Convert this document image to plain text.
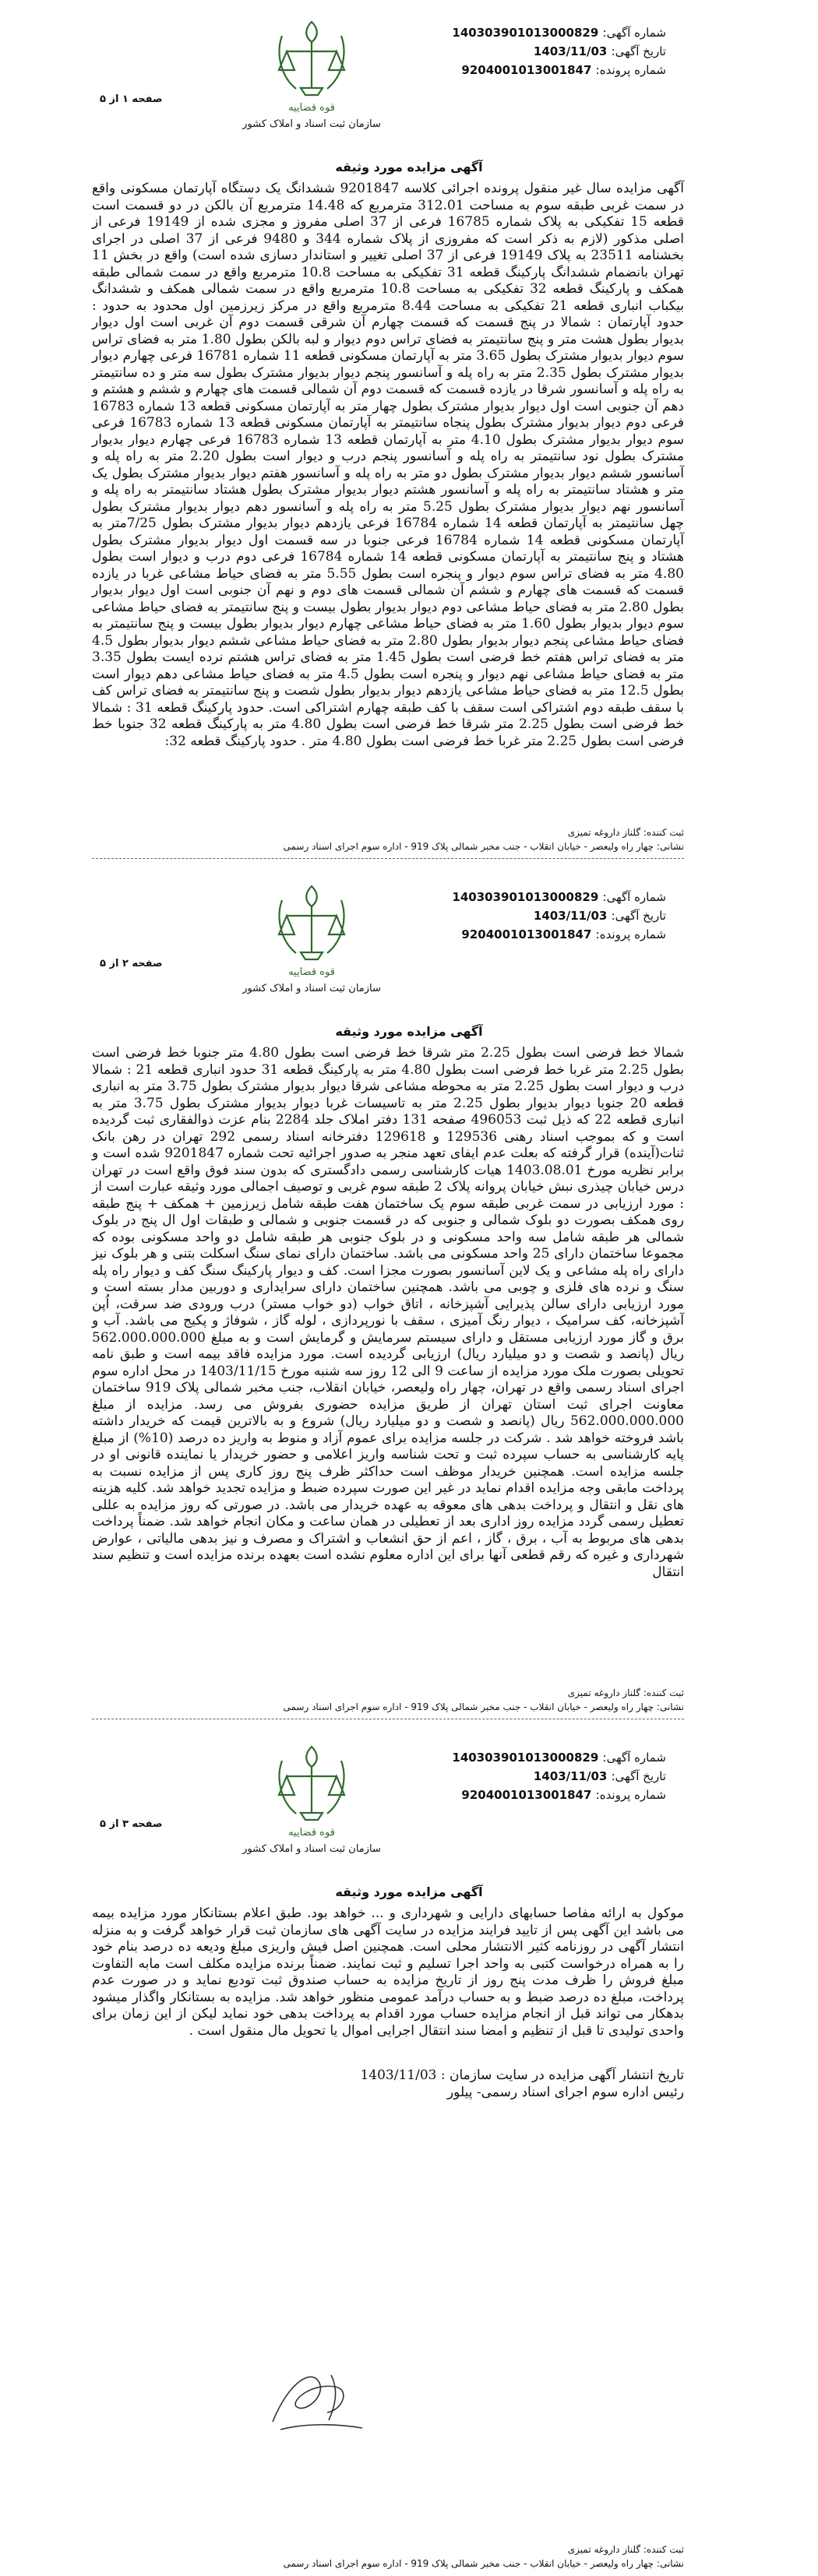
قوه قضاییه
سازمان ثبت اسناد و املاک کشور
شماره آگهی: 140303901013000829
تاریخ آگهی: 1403/11/03
شماره پرونده: 9204001013001847
صفحه ۱ از ۵
آگهی مزایده مورد وثیقه
آگهی مزایده سال غیر منقول پرونده اجرائی کلاسه 9201847 ششدانگ یک دستگاه آپارتمان مسکونی واقع در سمت غربی طبقه سوم به مساحت 312.01 مترمربع که 14.48 مترمربع آن بالکن در دو قسمت است قطعه 15 تفکیکی به پلاک شماره 16785 فرعی از 37 اصلی مفروز و مجزی شده از 19149 فرعی از اصلی مذکور (لازم به ذکر است که مفروزی از پلاک شماره 344 و 9480 فرعی از 37 اصلی در اجرای بخشنامه 23511 به پلاک 19149 فرعی از 37 اصلی تغییر و استاندار دسازی شده است) واقع در بخش 11 تهران بانضمام ششدانگ پارکینگ قطعه 31 تفکیکی به مساحت 10.8 مترمربع واقع در سمت شمالی طبقه همکف و پارکینگ قطعه 32 تفکیکی به مساحت 10.8 مترمربع واقع در سمت شمالی همکف و ششدانگ بیکباب انباری قطعه 21 تفکیکی به مساحت 8.44 مترمربع واقع در مرکز زیرزمین اول محدود به حدود : حدود آپارتمان : شمالا در پنج قسمت که قسمت چهارم آن شرقی قسمت دوم آن غربی است اول دیوار بدیوار بطول هشت متر و پنج سانتیمتر به فضای تراس دوم دیوار و لبه بالکن بطول 1.80 متر به فضای تراس سوم دیوار بدیوار مشترک بطول 3.65 متر به آپارتمان مسکونی قطعه 11 شماره 16781 فرعی چهارم دیوار بدیوار مشترک بطول 2.35 متر به راه پله و آسانسور پنجم دیوار بدیوار مشترک بطول سه متر و ده سانتیمتر به راه پله و آسانسور شرقا در یازده قسمت که قسمت دوم آن شمالی قسمت های چهارم و ششم و هشتم و دهم آن جنوبی است اول دیوار بدیوار مشترک بطول چهار متر به آپارتمان مسکونی قطعه 13 شماره 16783 فرعی دوم دیوار بدیوار مشترک بطول پنجاه سانتیمتر به آپارتمان مسکونی قطعه 13 شماره 16783 فرعی سوم دیوار بدیوار مشترک بطول 4.10 متر به آپارتمان قطعه 13 شماره 16783 فرعی چهارم دیوار بدیوار مشترک بطول نود سانتیمتر به راه پله و آسانسور پنجم درب و دیوار است بطول 2.20 متر به راه پله و آسانسور ششم دیوار بدیوار مشترک بطول دو متر به راه پله و آسانسور هفتم دیوار بدیوار مشترک بطول یک متر و هشتاد سانتیمتر به راه پله و آسانسور هشتم دیوار بدیوار مشترک بطول هشتاد سانتیمتر به راه پله و آسانسور نهم دیوار بدیوار مشترک بطول 5.25 متر به راه پله و آسانسور دهم دیوار بدیوار مشترک بطول چهل سانتیمتر به آپارتمان قطعه 14 شماره 16784 فرعی یازدهم دیوار بدیوار مشترک بطول 7/25متر به آپارتمان مسکونی قطعه 14 شماره 16784 فرعی جنوبا در سه قسمت اول دیوار بدیوار مشترک بطول هشتاد و پنج سانتیمتر به آپارتمان مسکونی قطعه 14 شماره 16784 فرعی دوم درب و دیوار است بطول 4.80 متر به فضای تراس سوم دیوار و پنجره است بطول 5.55 متر به فضای حیاط مشاعی غربا در یازده قسمت که قسمت های چهارم و ششم آن شمالی قسمت های دوم و نهم آن جنوبی است اول دیوار بدیوار بطول 2.80 متر به فضای حیاط مشاعی دوم دیوار بدیوار بطول بیست و پنج سانتیمتر به فضای حیاط مشاعی سوم دیوار بدیوار بطول 1.60 متر به فضای حیاط مشاعی چهارم دیوار بدیوار بطول بیست و پنج سانتیمتر به فضای حیاط مشاعی پنجم دیوار بدیوار بطول 2.80 متر به فضای حیاط مشاعی ششم دیوار بدیوار بطول 4.5 متر به فضای تراس هفتم خط فرضی است بطول 1.45 متر به فضای تراس هشتم نرده ایست بطول 3.35 متر به فضای حیاط مشاعی نهم دیوار و پنجره است بطول 4.5 متر به فضای حیاط مشاعی دهم دیوار است بطول 12.5 متر به فضای حیاط مشاعی یازدهم دیوار بدیوار بطول شصت و پنج سانتیمتر به فضای تراس کف با سقف طبقه دوم اشتراکی است سقف با کف طبقه چهارم اشتراکی است. حدود پارکینگ قطعه 31 : شمالا خط فرضی است بطول 2.25 متر شرقا خط فرضی است بطول 4.80 متر به پارکینگ قطعه 32 جنوبا خط فرضی است بطول 2.25 متر غربا خط فرضی است بطول 4.80 متر . حدود پارکینگ قطعه 32:
ثبت کننده: گلناز داروغه تمیزی
نشانی: چهار راه ولیعصر - خیابان انقلاب - جنب مخبر شمالی پلاک 919 - اداره سوم اجرای اسناد رسمی
قوه قضاییه
سازمان ثبت اسناد و املاک کشور
شماره آگهی: 140303901013000829
تاریخ آگهی: 1403/11/03
شماره پرونده: 9204001013001847
صفحه ۲ از ۵
آگهی مزایده مورد وثیقه
شمالا خط فرضی است بطول 2.25 متر شرقا خط فرضی است بطول 4.80 متر جنوبا خط فرضی است بطول 2.25 متر غربا خط فرضی است بطول 4.80 متر به پارکینگ قطعه 31 حدود انباری قطعه 21 : شمالا درب و دیوار است بطول 2.25 متر به محوطه مشاعی شرقا دیوار بدیوار مشترک بطول 3.75 متر به انباری قطعه 20 جنوبا دیوار بدیوار بطول 2.25 متر به تاسیسات غربا دیوار بدیوار مشترک بطول 3.75 متر به انباری قطعه 22 که ذیل ثبت 496053 صفحه 131 دفتر املاک جلد 2284 بنام عزت ذوالفقاری ثبت گردیده است و که بموجب اسناد رهنی 129536 و 129618 دفترخانه اسناد رسمی 292 تهران در رهن بانک ثنات(آینده) قرار گرفته که بعلت عدم ایفای تعهد منجر به صدور اجرائیه تحت شماره 9201847 شده است و برابر نظریه مورخ 1403.08.01 هیات کارشناسی رسمی دادگستری که بدون سند فوق واقع است در تهران درس خیابان چیذری نبش خیابان پروانه پلاک 2 طبقه سوم غربی و توصیف اجمالی مورد وثیقه عبارت است از : مورد ارزیابی در سمت غربی طبقه سوم یک ساختمان هفت طبقه شامل زیرزمین + همکف + پنج طبقه روی همکف بصورت دو بلوک شمالی و جنوبی که در قسمت جنوبی و شمالی و طبقات اول ال پنج در بلوک شمالی هر طبقه شامل سه واحد مسکونی و در بلوک جنوبی هر طبقه شامل دو واحد مسکونی بوده که مجموعا ساختمان دارای 25 واحد مسکونی می باشد. ساختمان دارای نمای سنگ اسکلت بتنی و هر بلوک نیز دارای راه پله مشاعی و یک لاین آسانسور بصورت مجزا است. کف و دیوار پارکینگ سنگ کف و دیوار راه پله سنگ و نرده های فلزی و چوبی می باشد. همچنین ساختمان دارای سرایداری و دوربین مدار بسته است و مورد ارزیابی دارای سالن پذیرایی آشپزخانه ، اتاق خواب (دو خواب مستر) درب ورودی ضد سرقت، اُپن آشپزخانه، کف سرامیک ، دیوار رنگ آمیزی ، سقف با نورپردازی ، لوله گاز ، شوفاژ و پکیج می باشد. آب و برق و گاز مورد ارزیابی مستقل و دارای سیستم سرمایش و گرمایش است و به مبلغ 562.000.000.000 ریال (پانصد و شصت و دو میلیارد ریال) ارزیابی گردیده است. مورد مزایده فاقد بیمه است و طبق نامه تحویلی بصورت ملک مورد مزایده از ساعت 9 الی 12 روز سه شنبه مورخ 1403/11/15 در محل اداره سوم اجرای اسناد رسمی واقع در تهران، چهار راه ولیعصر، خیابان انقلاب، جنب مخبر شمالی پلاک 919 ساختمان معاونت اجرای ثبت استان تهران از طریق مزایده حضوری بفروش می رسد. مزایده از مبلغ 562.000.000.000 ریال (پانصد و شصت و دو میلیارد ریال) شروع و به بالاترین قیمت که خریدار داشته باشد فروخته خواهد شد . شرکت در جلسه مزایده برای عموم آزاد و منوط به واریز ده درصد (10%) از مبلغ پایه کارشناسی به حساب سپرده ثبت و تحت شناسه واریز اعلامی و حضور خریدار یا نماینده قانونی او در جلسه مزایده است. همچنین خریدار موظف است حداکثر ظرف پنج روز کاری پس از مزایده نسبت به پرداخت مابقی وجه مزایده اقدام نماید در غیر این صورت سپرده ضبط و مزایده تجدید خواهد شد. کلیه هزینه های نقل و انتقال و پرداخت بدهی های معوقه به عهده خریدار می باشد. در صورتی که روز مزایده به عللی تعطیل رسمی گردد مزایده روز اداری بعد از تعطیلی در همان ساعت و مکان انجام خواهد شد. ضمناً پرداخت بدهی های مربوط به آب ، برق ، گاز ، اعم از حق انشعاب و اشتراک و مصرف و نیز بدهی مالیاتی ، عوارض شهرداری و غیره که رقم قطعی آنها برای این اداره معلوم نشده است بعهده برنده مزایده است و تنظیم سند انتقال
ثبت کننده: گلناز داروغه تمیزی
نشانی: چهار راه ولیعصر - خیابان انقلاب - جنب مخبر شمالی پلاک 919 - اداره سوم اجرای اسناد رسمی
قوه قضاییه
سازمان ثبت اسناد و املاک کشور
شماره آگهی: 140303901013000829
تاریخ آگهی: 1403/11/03
شماره پرونده: 9204001013001847
صفحه ۳ از ۵
آگهی مزایده مورد وثیقه
موکول به ارائه مفاصا حسابهای دارایی و شهرداری و ... خواهد بود. طبق اعلام بستانکار مورد مزایده بیمه می باشد این آگهی پس از تایید فرایند مزایده در سایت آگهی های سازمان ثبت قرار خواهد گرفت و به منزله انتشار آگهی در روزنامه کثیر الانتشار محلی است. همچنین اصل فیش واریزی مبلغ ودیعه ده درصد بنام خود را به همراه درخواست کتبی به واحد اجرا تسلیم و ثبت نمایند. ضمناً برنده مزایده مکلف است مابه التفاوت مبلغ فروش را ظرف مدت پنج روز از تاریخ مزایده به حساب صندوق ثبت تودیع نماید و در صورت عدم پرداخت، مبلغ ده درصد ضبط و به حساب درآمد عمومی منظور خواهد شد. مزایده به بستانکار واگذار میشود بدهکار می تواند قبل از انجام مزایده حساب مورد اقدام به پرداخت بدهی خود نماید لیکن از این زمان برای واحدی تولیدی تا قبل از تنظیم و امضا سند انتقال اجرایی اموال یا تحویل مال منقول است .
تاریخ انتشار آگهی مزایده در سایت سازمان : 1403/11/03
رئیس اداره سوم اجرای اسناد رسمی- پیلور
ثبت کننده: گلناز داروغه تمیزی
نشانی: چهار راه ولیعصر - خیابان انقلاب - جنب مخبر شمالی پلاک 919 - اداره سوم اجرای اسناد رسمی
